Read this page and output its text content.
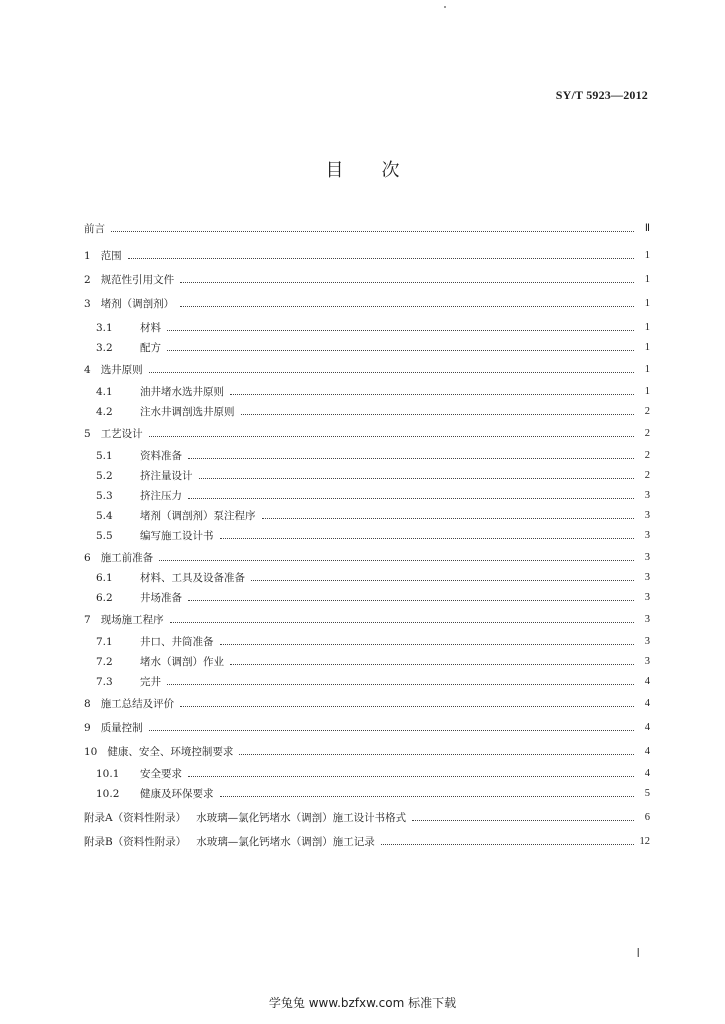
SY/T 5923—2012
目次
前言	Ⅱ
1 范围	1
2 规范性引用文件	1
3 堵剂（调剖剂）	1
3.1	材料	1
3.2	配方	1
4 选井原则	1
4.1	油井堵水选井原则	1
4.2	注水井调剖选井原则	2
5 工艺设计	2
5.1	资料准备	2
5.2	挤注量设计	2
5.3	挤注压力	3
5.4	堵剂（调剖剂）泵注程序	3
5.5	编写施工设计书	3
6 施工前准备	3
6.1	材料、工具及设备准备	3
6.2	井场准备	3
7 现场施工程序	3
7.1	井口、井筒准备	3
7.2	堵水（调剖）作业	3
7.3	完井	4
8 施工总结及评价	4
9 质量控制	4
10 健康、安全、环境控制要求	4
10.1	安全要求	4
10.2	健康及环保要求	5
附录A（资料性附录） 水玻璃—氯化钙堵水（调剖）施工设计书格式	6
附录B（资料性附录） 水玻璃—氯化钙堵水（调剖）施工记录	12
Ⅰ
学兔兔 www.bzfxw.com 标准下载
